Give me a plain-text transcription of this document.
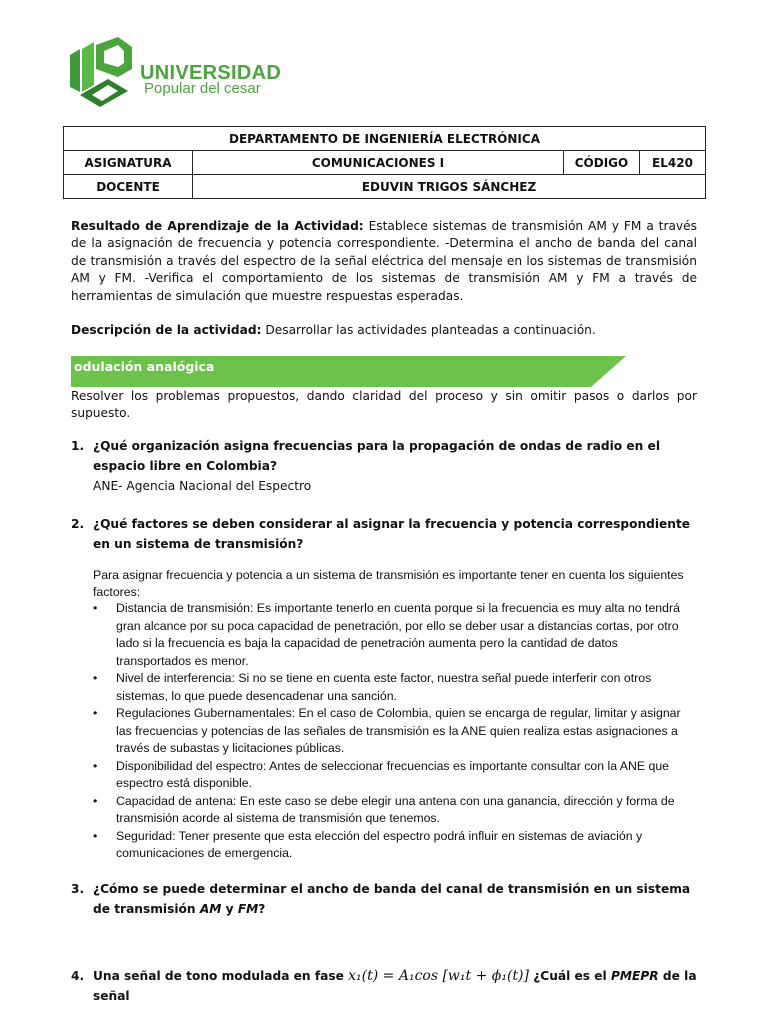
UNIVERSIDAD
Popular del cesar
DEPARTAMENTO DE INGENIERÍA ELECTRÓNICA			
ASIGNATURA	COMUNICACIONES I	CÓDIGO	EL420
DOCENTE	EDUVIN TRIGOS SÁNCHEZ		
Resultado de Aprendizaje de la Actividad: Establece sistemas de transmisión AM y FM a través de la asignación de frecuencia y potencia correspondiente. -Determina el ancho de banda del canal de transmisión a través del espectro de la señal eléctrica del mensaje en los sistemas de transmisión AM y FM. -Verifica el comportamiento de los sistemas de transmisión AM y FM a través de herramientas de simulación que muestre respuestas esperadas.
Descripción de la actividad: Desarrollar las actividades planteadas a continuación.
odulación analógica
Resolver los problemas propuestos, dando claridad del proceso y sin omitir pasos o darlos por supuesto.
1. ¿Qué organización asigna frecuencias para la propagación de ondas de radio en el espacio libre en Colombia?
ANE- Agencia Nacional del Espectro
2. ¿Qué factores se deben considerar al asignar la frecuencia y potencia correspondiente en un sistema de transmisión?
Para asignar frecuencia y potencia a un sistema de transmisión es importante tener en cuenta los siguientes factores:
• Distancia de transmisión: Es importante tenerlo en cuenta porque si la frecuencia es muy alta no tendrá gran alcance por su poca capacidad de penetración, por ello se deber usar a distancias cortas, por otro lado si la frecuencia es baja la capacidad de penetración aumenta pero la cantidad de datos transportados es menor.
• Nivel de interferencia: Si no se tiene en cuenta este factor, nuestra señal puede interferir con otros sistemas, lo que puede desencadenar una sanción.
• Regulaciones Gubernamentales: En el caso de Colombia, quien se encarga de regular, limitar y asignar las frecuencias y potencias de las señales de transmisión es la ANE quien realiza estas asignaciones a través de subastas y licitaciones públicas.
• Disponibilidad del espectro: Antes de seleccionar frecuencias es importante consultar con la ANE que espectro está disponible.
• Capacidad de antena: En este caso se debe elegir una antena con una ganancia, dirección y forma de transmisión acorde al sistema de transmisión que tenemos.
• Seguridad: Tener presente que esta elección del espectro podrá influir en sistemas de aviación y comunicaciones de emergencia.
3. ¿Cómo se puede determinar el ancho de banda del canal de transmisión en un sistema de transmisión AM y FM?
4. Una señal de tono modulada en fase x₁(t) = A₁cos [w₁t + ϕ₁(t)] ¿Cuál es el PMEPR de la señal
